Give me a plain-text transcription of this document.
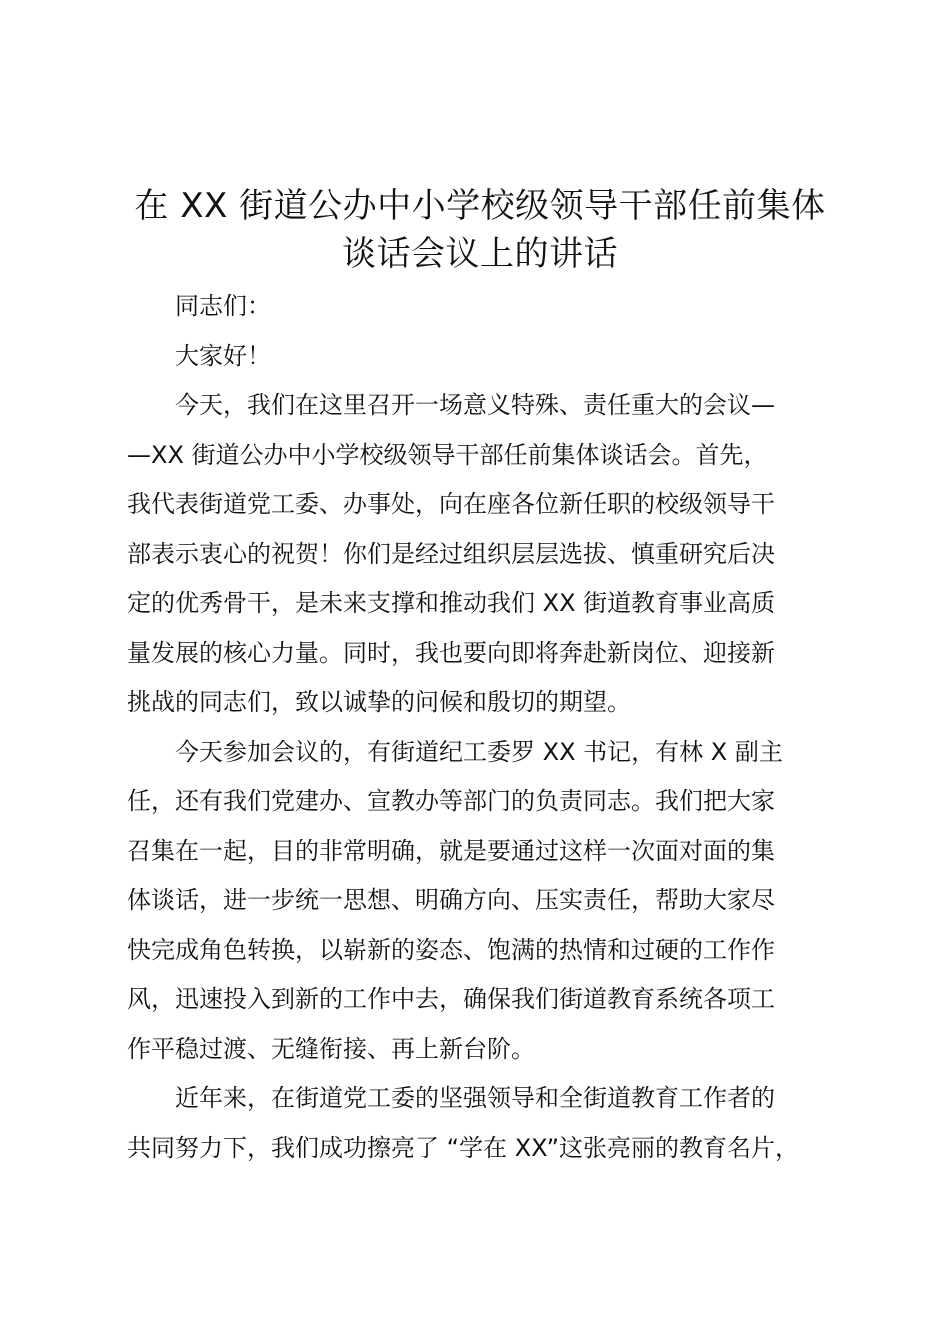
在 XX 街道公办中小学校级领导干部任前集体
谈话会议上的讲话

同志们：

大家好！

今天，我们在这里召开一场意义特殊、责任重大的会议—
—XX 街道公办中小学校级领导干部任前集体谈话会。首先，
我代表街道党工委、办事处，向在座各位新任职的校级领导干
部表示衷心的祝贺！你们是经过组织层层选拔、慎重研究后决
定的优秀骨干，是未来支撑和推动我们 XX 街道教育事业高质
量发展的核心力量。同时，我也要向即将奔赴新岗位、迎接新
挑战的同志们，致以诚挚的问候和殷切的期望。

今天参加会议的，有街道纪工委罗 XX 书记，有林 X 副主
任，还有我们党建办、宣教办等部门的负责同志。我们把大家
召集在一起，目的非常明确，就是要通过这样一次面对面的集
体谈话，进一步统一思想、明确方向、压实责任，帮助大家尽
快完成角色转换，以崭新的姿态、饱满的热情和过硬的工作作
风，迅速投入到新的工作中去，确保我们街道教育系统各项工
作平稳过渡、无缝衔接、再上新台阶。

近年来，在街道党工委的坚强领导和全街道教育工作者的
共同努力下，我们成功擦亮了 “学在 XX”这张亮丽的教育名片，
